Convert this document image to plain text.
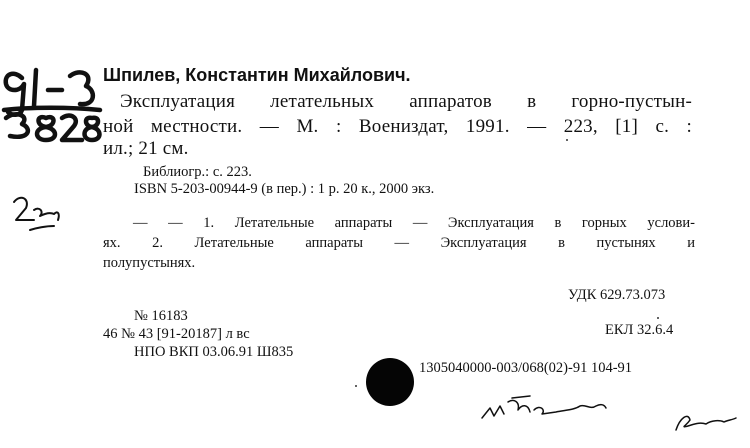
Шпилев, Константин Михайлович.
Эксплуатация летательных аппаратов в горно-пустын-
ной местности. — М. : Воениздат, 1991. — 223, [1] с. :
ил.; 21 см.
Библиогр.: с. 223.
ISBN 5-203-00944-9 (в пер.) : 1 р. 20 к., 2000 экз.
— — 1. Летательные аппараты — Эксплуатация в горных услови-
ях. 2. Летательные аппараты — Эксплуатация в пустынях и
полупустынях.
УДК 629.73.073
№ 16183
46 № 43 [91-20187] л вс	ЕКЛ 32.6.4
НПО ВКП 03.06.91 Ш835
1305040000-003/068(02)-91 104-91
